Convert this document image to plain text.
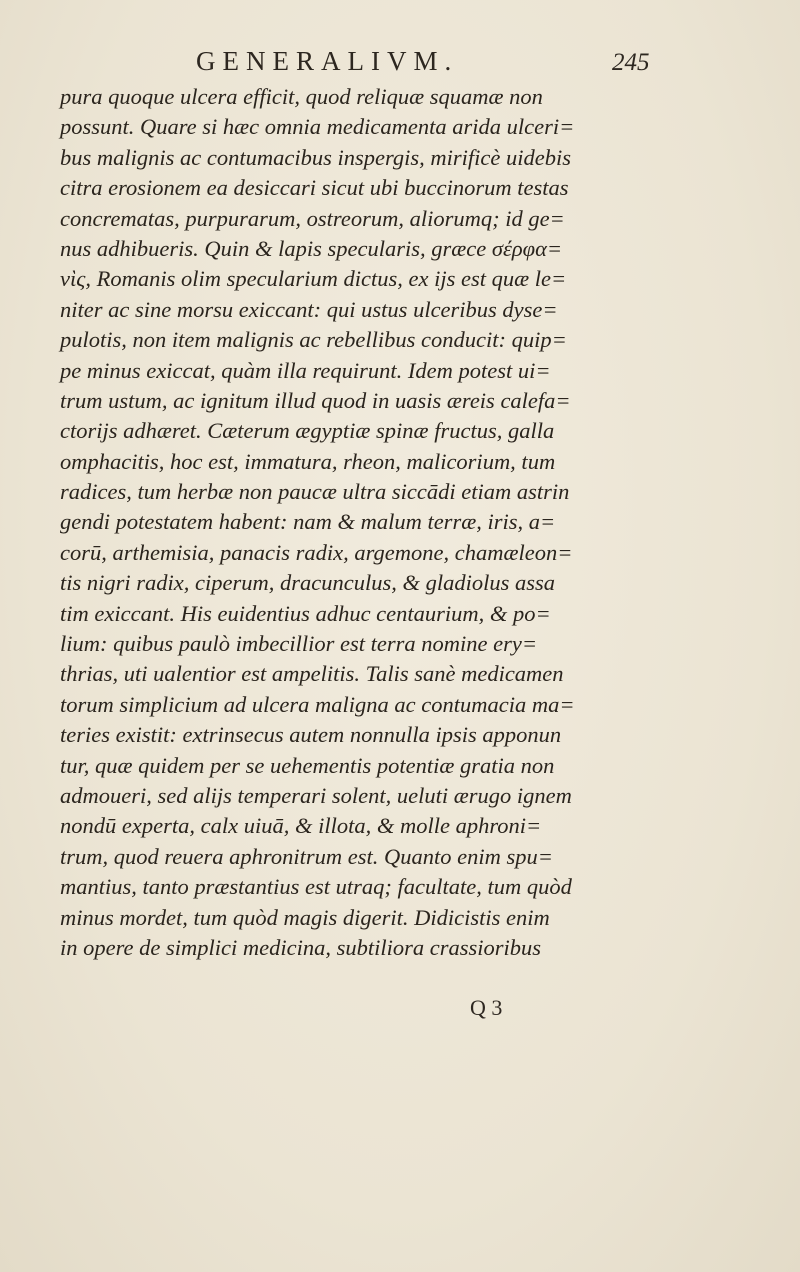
GENERALIVM.	245
pura quoque ulcera efficit, quod reliquæ squamæ non
possunt. Quare si hæc omnia medicamenta arida ulceri=
bus malignis ac contumacibus inspergis, mirificè uidebis
citra erosionem ea desiccari sicut ubi buccinorum testas
concrematas, purpurarum, ostreorum, aliorumq; id ge=
nus adhibueris. Quin & lapis specularis, græce σέρφα=
νὶς, Romanis olim specularium dictus, ex ijs est quæ le=
niter ac sine morsu exiccant: qui ustus ulceribus dyse=
pulotis, non item malignis ac rebellibus conducit: quip=
pe minus exiccat, quàm illa requirunt. Idem potest ui=
trum ustum, ac ignitum illud quod in uasis æreis calefa=
ctorijs adhæret. Cæterum ægyptiæ spinæ fructus, galla
omphacitis, hoc est, immatura, rheon, malicorium, tum
radices, tum herbæ non paucæ ultra siccādi etiam astrin
gendi potestatem habent: nam & malum terræ, iris, a=
corū, arthemisia, panacis radix, argemone, chamæleon=
tis nigri radix, ciperum, dracunculus, & gladiolus assa
tim exiccant. His euidentius adhuc centaurium, & po=
lium: quibus paulò imbecillior est terra nomine ery=
thrias, uti ualentior est ampelitis. Talis sanè medicamen
torum simplicium ad ulcera maligna ac contumacia ma=
teries existit: extrinsecus autem nonnulla ipsis apponun
tur, quæ quidem per se uehementis potentiæ gratia non
admoueri, sed alijs temperari solent, ueluti ærugo ignem
nondū experta, calx uiuā, & illota, & molle aphroni=
trum, quod reuera aphronitrum est. Quanto enim spu=
mantius, tanto præstantius est utraq; facultate, tum quòd
minus mordet, tum quòd magis digerit. Didicistis enim
in opere de simplici medicina, subtiliora crassioribus
Q 3
